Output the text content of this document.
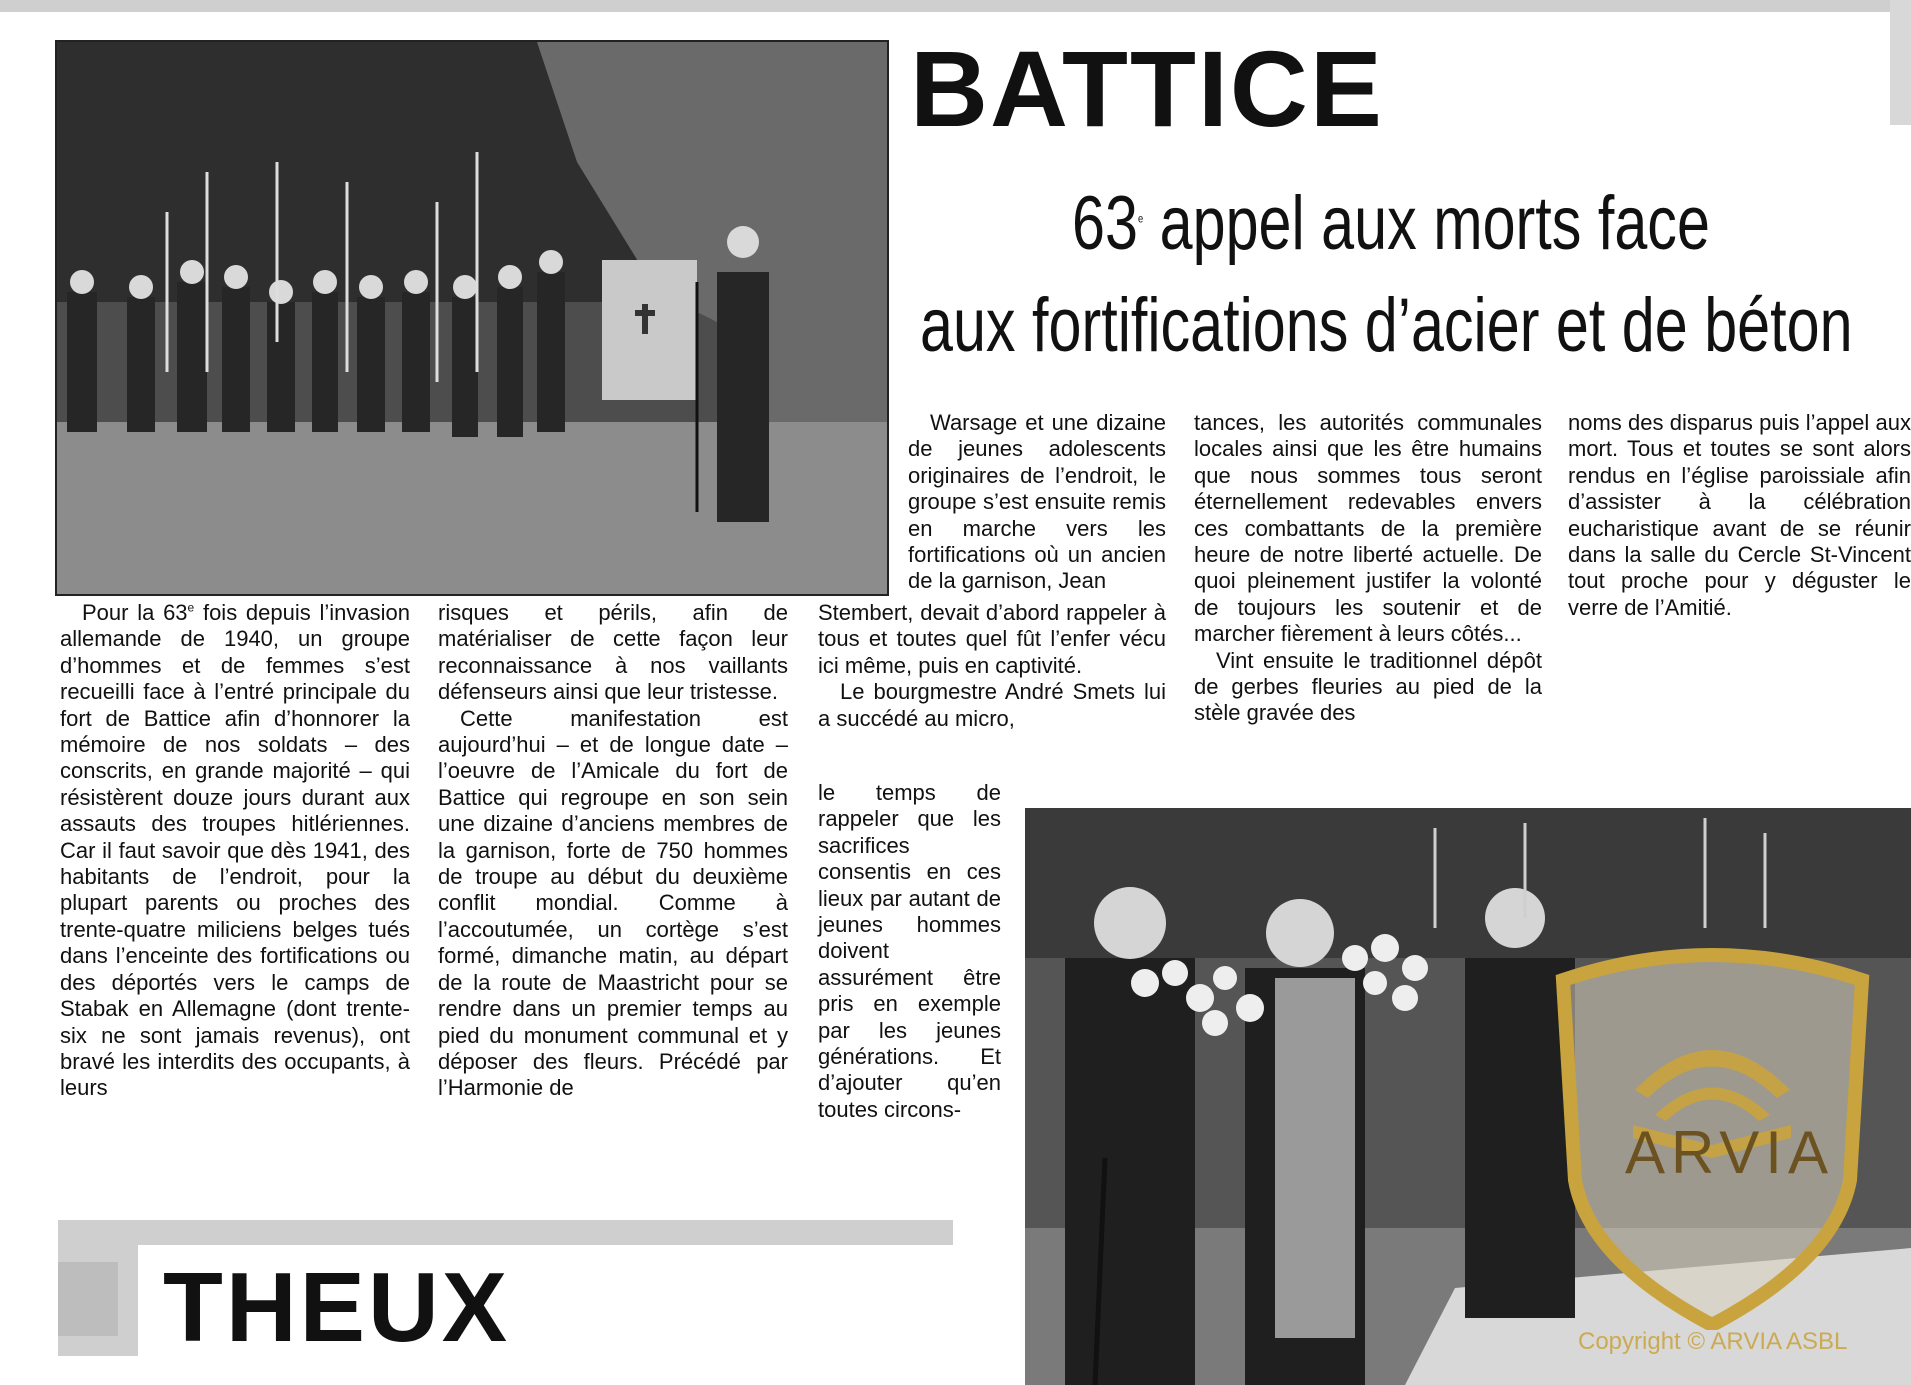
BATTICE
63e appel aux morts face
aux fortifications d’acier et de béton

Pour la 63e fois depuis l’invasion allemande de 1940, un groupe d’hommes et de femmes s’est recueilli face à l’entré principale du fort de Battice afin d’honnorer la mémoire de nos soldats – des conscrits, en grande majorité – qui résistèrent douze jours durant aux assauts des troupes hitlériennes. Car il faut savoir que dès 1941, des habitants de l’endroit, pour la plupart parents ou proches des trente-quatre miliciens belges tués dans l’enceinte des fortifications ou des déportés vers le camps de Stabak en Allemagne (dont trente-six ne sont jamais revenus), ont bravé les interdits des occupants, à leurs

risques et périls, afin de matérialiser de cette façon leur reconnaissance à nos vaillants défenseurs ainsi que leur tristesse.

Cette manifestation est aujourd’hui – et de longue date – l’oeuvre de l’Amicale du fort de Battice qui regroupe en son sein une dizaine d’anciens membres de la garnison, forte de 750 hommes de troupe au début du deuxième conflit mondial. Comme à l’accoutumée, un cortège s’est formé, dimanche matin, au départ de la route de Maastricht pour se rendre dans un premier temps au pied du monument communal et y déposer des fleurs. Précédé par l’Harmonie de

Warsage et une dizaine de jeunes adolescents originaires de l’endroit, le groupe s’est ensuite remis en marche vers les fortifications où un ancien de la garnison, Jean

Stembert, devait d’abord rappeler à tous et toutes quel fût l’enfer vécu ici même, puis en captivité.

Le bourgmestre André Smets lui a succédé au micro,

le temps de rappeler que les sacrifices consentis en ces lieux par autant de jeunes hommes doivent assurément être pris en exemple par les jeunes générations. Et d’ajouter qu’en toutes circons-

tances, les autorités communales locales ainsi que les être humains que nous sommes tous seront éternellement redevables envers ces combattants de la première heure de notre liberté actuelle. De quoi pleinement justifer la volonté de toujours les soutenir et de marcher fièrement à leurs côtés...

Vint ensuite le traditionnel dépôt de gerbes fleuries au pied de la stèle gravée des

noms des disparus puis l’appel aux mort. Tous et toutes se sont alors rendus en l’église paroissiale afin d’assister à la célébration eucharistique avant de se réunir dans la salle du Cercle St-Vincent tout proche pour y déguster le verre de l’Amitié.

THEUX
ARVIA
Copyright © ARVIA ASBL
